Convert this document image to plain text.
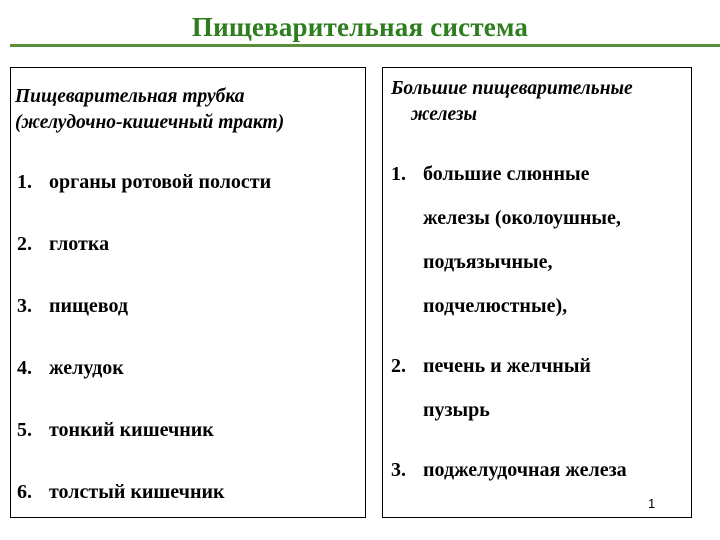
Пищеварительная система
Пищеварительная трубка
(желудочно-кишечный тракт)
1. органы ротовой полости
2. глотка
3. пищевод
4. желудок
5. тонкий кишечник
6. толстый кишечник
Большие пищеварительные
железы
1. большие слюнные
железы (околоушные,
подъязычные,
подчелюстные),
2. печень и желчный
пузырь
3. поджелудочная железа
1
